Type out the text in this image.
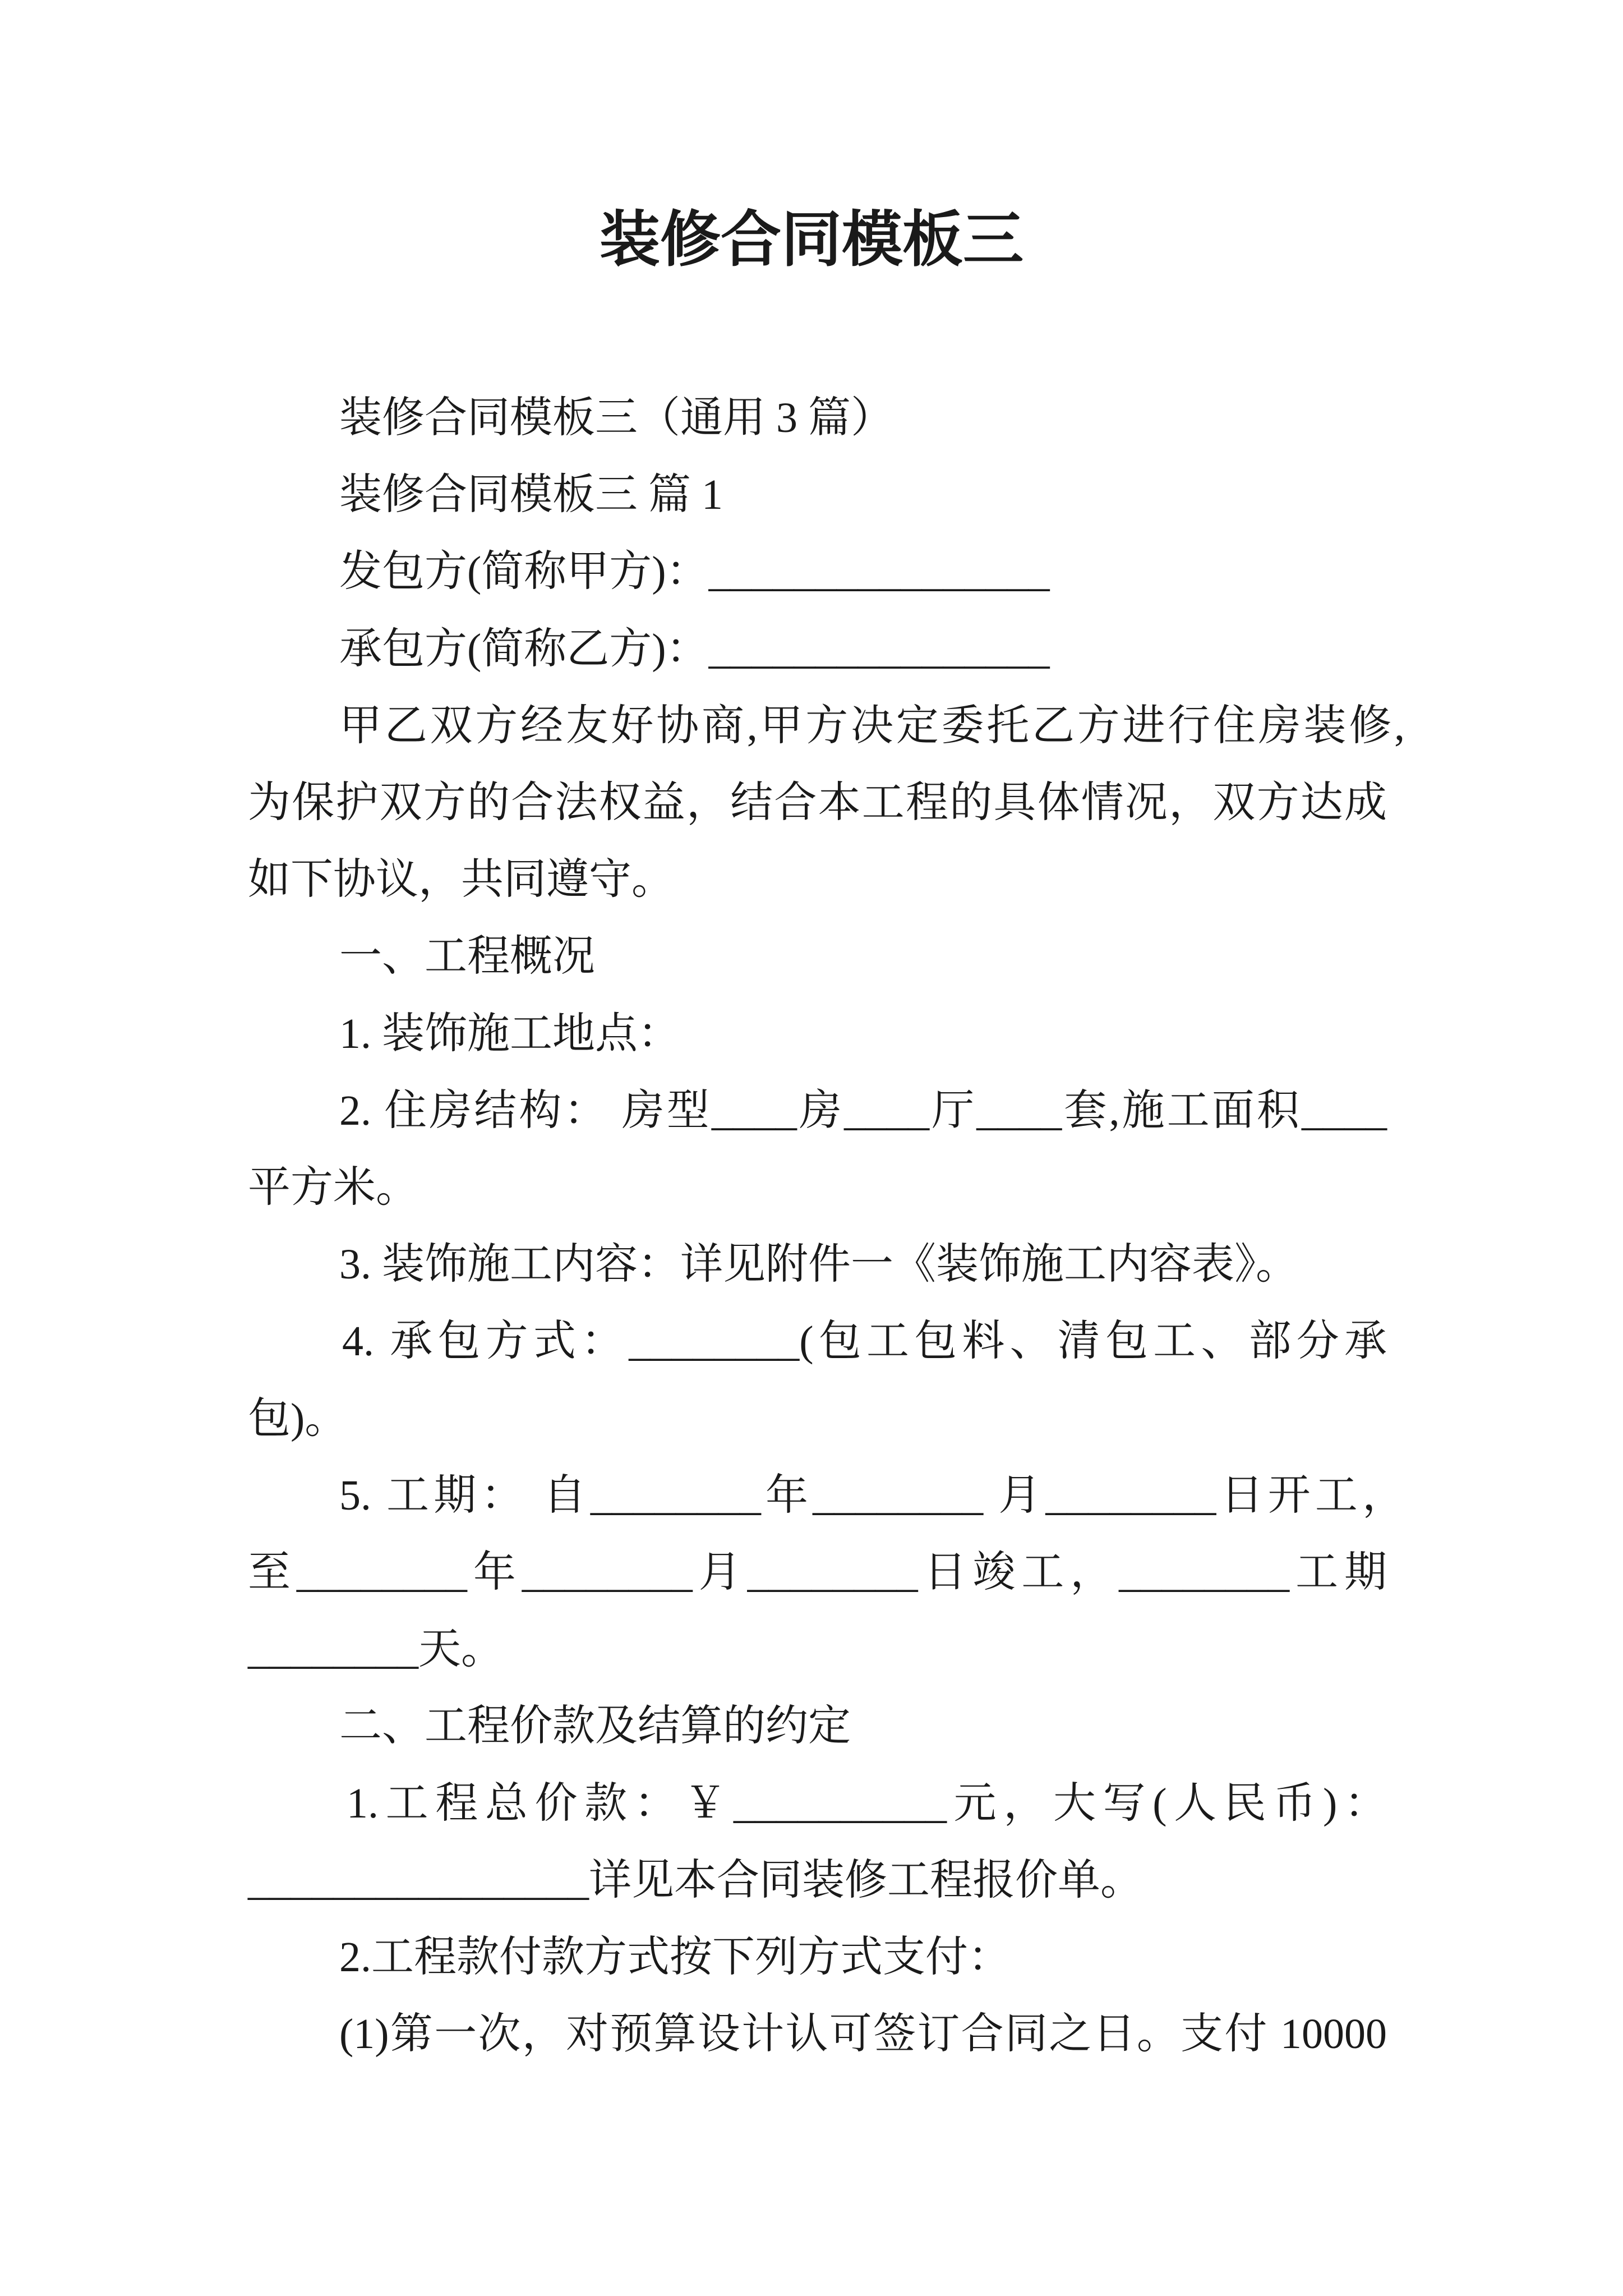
装修合同模板三
装修合同模板三（通用 3 篇）
装修合同模板三 篇 1
发包方(简称甲方)：________________
承包方(简称乙方)：________________
甲乙双方经友好协商,甲方决定委托乙方进行住房装修,
为保护双方的合法权益，结合本工程的具体情况，双方达成
如下协议，共同遵守。
一、工程概况
1. 装饰施工地点：
2. 住房结构： 房型____房____厅____套,施工面积____
平方米。
3. 装饰施工内容：详见附件一《装饰施工内容表》。
4. 承包方式：________(包工包料、清包工、部分承
包)。
5. 工期： 自________年________ 月________日开工，
至________年________月________日竣工，________工期
________天。
二、工程价款及结算的约定
1.工程总价款：￥__________元，大写(人民币)：
________________详见本合同装修工程报价单。
2.工程款付款方式按下列方式支付：
(1)第一次，对预算设计认可签订合同之日。支付 10000
